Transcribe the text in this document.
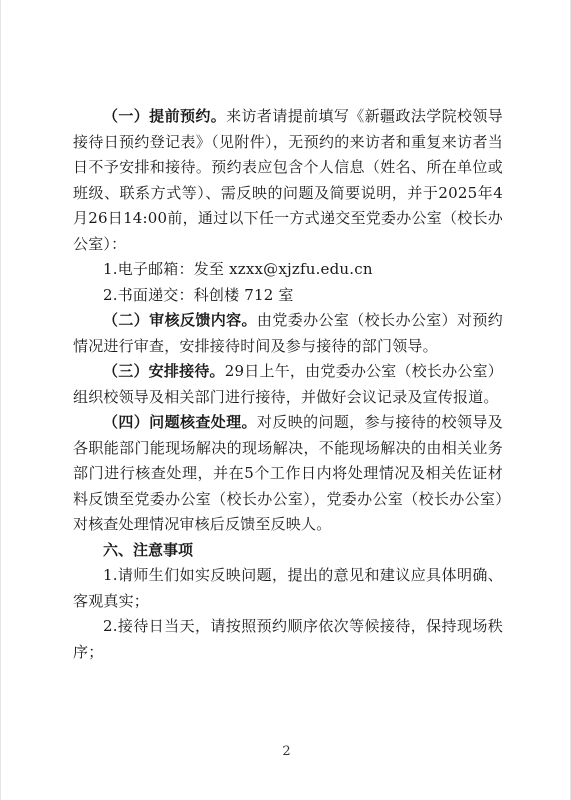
（一）提前预约。来访者请提前填写《新疆政法学院校领导接待日预约登记表》（见附件），无预约的来访者和重复来访者当日不予安排和接待。预约表应包含个人信息（姓名、所在单位或班级、联系方式等）、需反映的问题及简要说明，并于2025年4月26日14:00前，通过以下任一方式递交至党委办公室（校长办公室）：

1.电子邮箱：发至 xzxx@xjzfu.edu.cn

2.书面递交：科创楼 712 室

（二）审核反馈内容。由党委办公室（校长办公室）对预约情况进行审查，安排接待时间及参与接待的部门领导。

（三）安排接待。29日上午，由党委办公室（校长办公室）组织校领导及相关部门进行接待，并做好会议记录及宣传报道。

（四）问题核查处理。对反映的问题，参与接待的校领导及各职能部门能现场解决的现场解决，不能现场解决的由相关业务部门进行核查处理，并在5个工作日内将处理情况及相关佐证材料反馈至党委办公室（校长办公室），党委办公室（校长办公室）对核查处理情况审核后反馈至反映人。

六、注意事项

1.请师生们如实反映问题，提出的意见和建议应具体明确、客观真实；

2.接待日当天，请按照预约顺序依次等候接待，保持现场秩序；

2
